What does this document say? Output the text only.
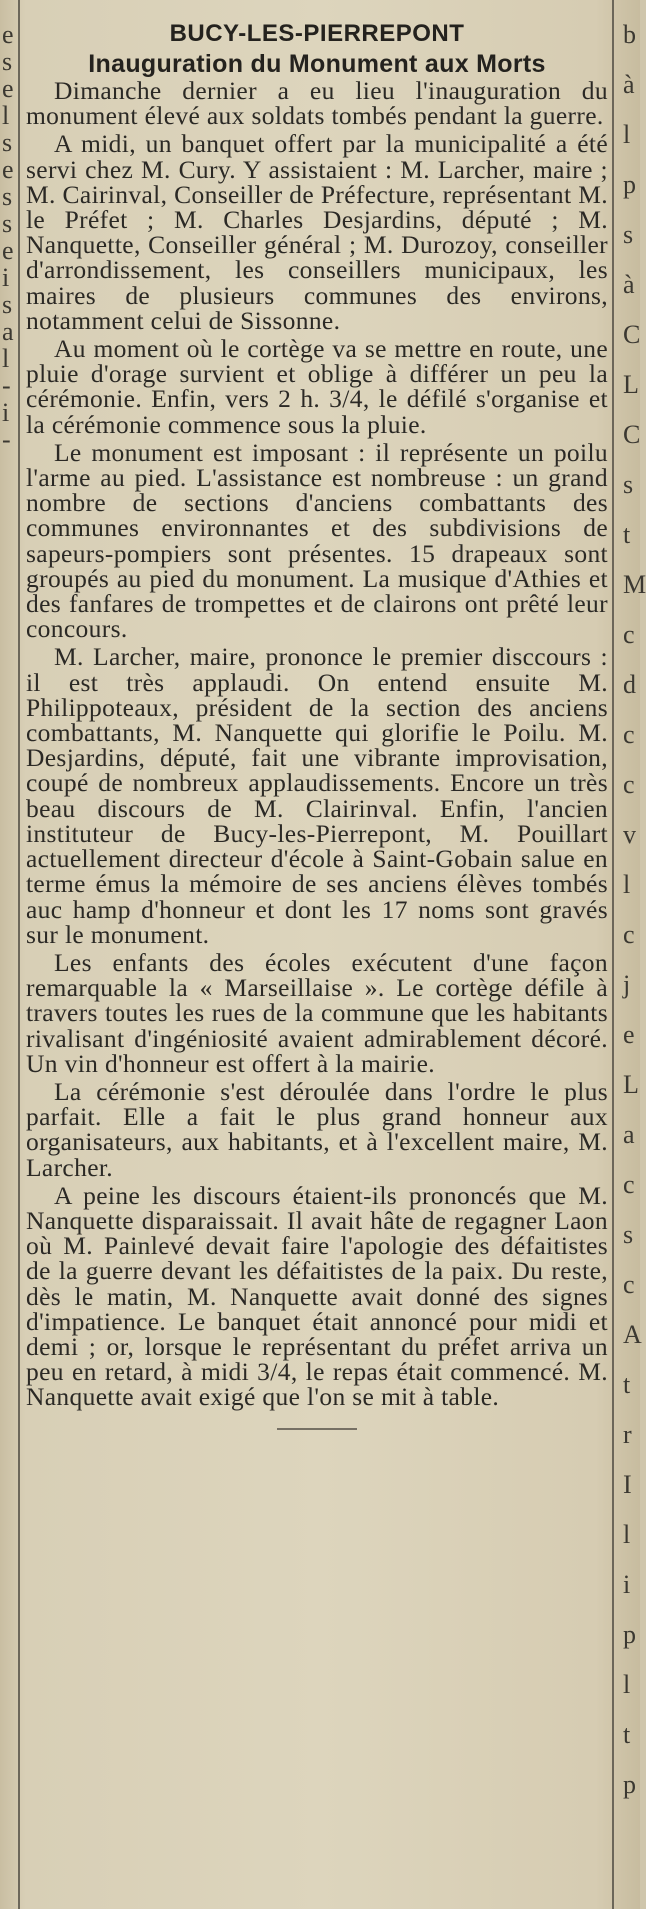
e
s
e
l
s
e
s
s
e
i
s
a
l
-
i
-
BUCY-LES-PIERREPONT
Inauguration du Monument aux Morts

Dimanche dernier a eu lieu l'inauguration du monument élevé aux soldats tombés pendant la guerre.

A midi, un banquet offert par la municipalité a été servi chez M. Cury. Y assistaient : M. Larcher, maire ; M. Cairinval, Conseiller de Préfecture, représentant M. le Préfet ; M. Charles Desjardins, député ; M. Nanquette, Conseiller général ; M. Durozoy, conseiller d'arrondissement, les conseillers municipaux, les maires de plusieurs communes des environs, notamment celui de Sissonne.

Au moment où le cortège va se mettre en route, une pluie d'orage survient et oblige à différer un peu la cérémonie. Enfin, vers 2 h. 3/4, le défilé s'organise et la cérémonie commence sous la pluie.

Le monument est imposant : il représente un poilu l'arme au pied. L'assistance est nombreuse : un grand nombre de sections d'anciens combattants des communes environnantes et des subdivisions de sapeurs-pompiers sont présentes. 15 drapeaux sont groupés au pied du monument. La musique d'Athies et des fanfares de trompettes et de clairons ont prêté leur concours.

M. Larcher, maire, prononce le premier disccours : il est très applaudi. On entend ensuite M. Philippoteaux, président de la section des anciens combattants, M. Nanquette qui glorifie le Poilu. M. Desjardins, député, fait une vibrante improvisation, coupé de nombreux applaudissements. Encore un très beau discours de M. Clairinval. Enfin, l'ancien instituteur de Bucy-les-Pierrepont, M. Pouillart actuellement directeur d'école à Saint-Gobain salue en terme émus la mémoire de ses anciens élèves tombés auc hamp d'honneur et dont les 17 noms sont gravés sur le monument.

Les enfants des écoles exécutent d'une façon remarquable la « Marseillaise ». Le cortège défile à travers toutes les rues de la commune que les habitants rivalisant d'ingéniosité avaient admirablement décoré. Un vin d'honneur est offert à la mairie.

La cérémonie s'est déroulée dans l'ordre le plus parfait. Elle a fait le plus grand honneur aux organisateurs, aux habitants, et à l'excellent maire, M. Larcher.

A peine les discours étaient-ils prononcés que M. Nanquette disparaissait. Il avait hâte de regagner Laon où M. Painlevé devait faire l'apologie des défaitistes de la guerre devant les défaitistes de la paix. Du reste, dès le matin, M. Nanquette avait donné des signes d'impatience. Le banquet était annoncé pour midi et demi ; or, lorsque le représentant du préfet arriva un peu en retard, à midi 3/4, le repas était commencé. M. Nanquette avait exigé que l'on se mit à table.

b
à
l
p
s
à
C
L
C
s
t
M
c
d
c
c
v
l
c
j
e
L
a
c
s
c
A
t
r
I
l
i
p
l
t
p
